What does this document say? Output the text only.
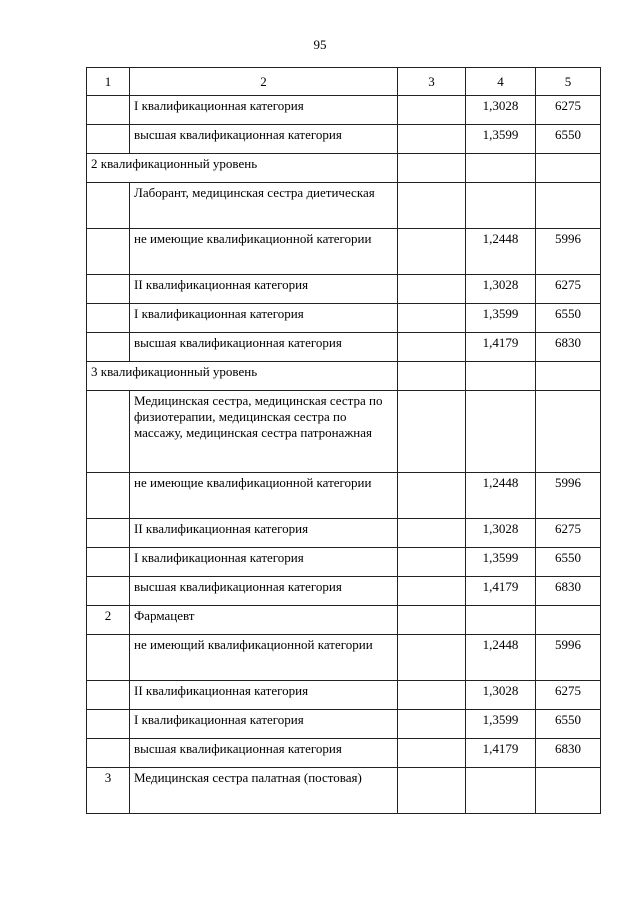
95
1	2	3	4	5
	I квалификационная категория		1,3028	6275
	высшая квалификационная категория		1,3599	6550
2 квалификационный уровень				
	Лаборант, медицинская сестра диетическая			
	не имеющие квалификационной категории		1,2448	5996
	II квалификационная категория		1,3028	6275
	I квалификационная категория		1,3599	6550
	высшая квалификационная категория		1,4179	6830
3 квалификационный уровень				
	Медицинская сестра, медицинская сестра по физиотерапии, медицинская сестра по массажу, медицинская сестра патронажная			
	не имеющие квалификационной категории		1,2448	5996
	II квалификационная категория		1,3028	6275
	I квалификационная категория		1,3599	6550
	высшая квалификационная категория		1,4179	6830
2	Фармацевт			
	не имеющий квалификационной категории		1,2448	5996
	II квалификационная категория		1,3028	6275
	I квалификационная категория		1,3599	6550
	высшая квалификационная категория		1,4179	6830
3	Медицинская сестра палатная (постовая)			
